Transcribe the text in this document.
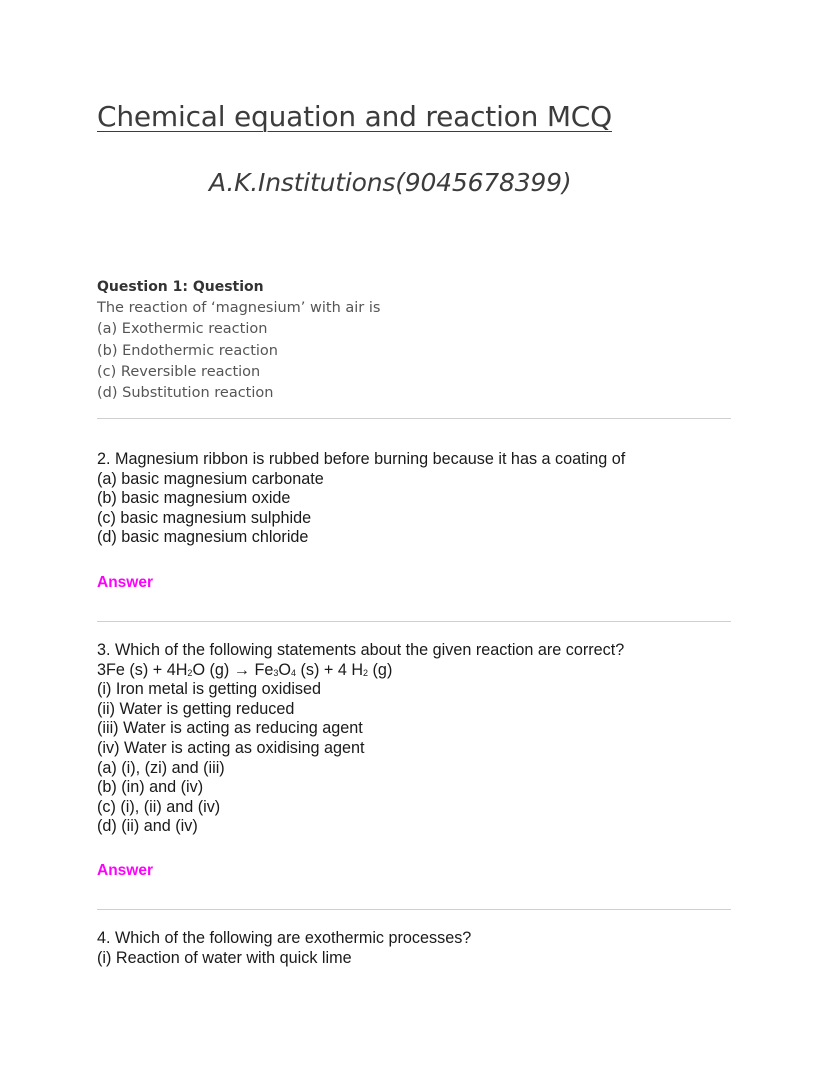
Chemical equation and reaction MCQ
A.K.Institutions(9045678399)

Question 1: Question

The reaction of ‘magnesium’ with air is

(a) Exothermic reaction

(b) Endothermic reaction

(c) Reversible reaction

(d) Substitution reaction

2. Magnesium ribbon is rubbed before burning because it has a coating of

(a) basic magnesium carbonate

(b) basic magnesium oxide

(c) basic magnesium sulphide

(d) basic magnesium chloride

Answer

3. Which of the following statements about the given reaction are correct?

3Fe $(s) + 4H_2O$ $(g) \to Fe_3O_4$ (s) + 4 $H_2$ (g)

(i) Iron metal is getting oxidised

(ii) Water is getting reduced

(iii) Water is acting as reducing agent

(iv) Water is acting as oxidising agent

(a) (i), (zi) and (iii)

(b) (in) and (iv)

(c) (i), (ii) and (iv)

(d) (ii) and (iv)

Answer

4. Which of the following are exothermic processes?

(i) Reaction of water with quick lime
